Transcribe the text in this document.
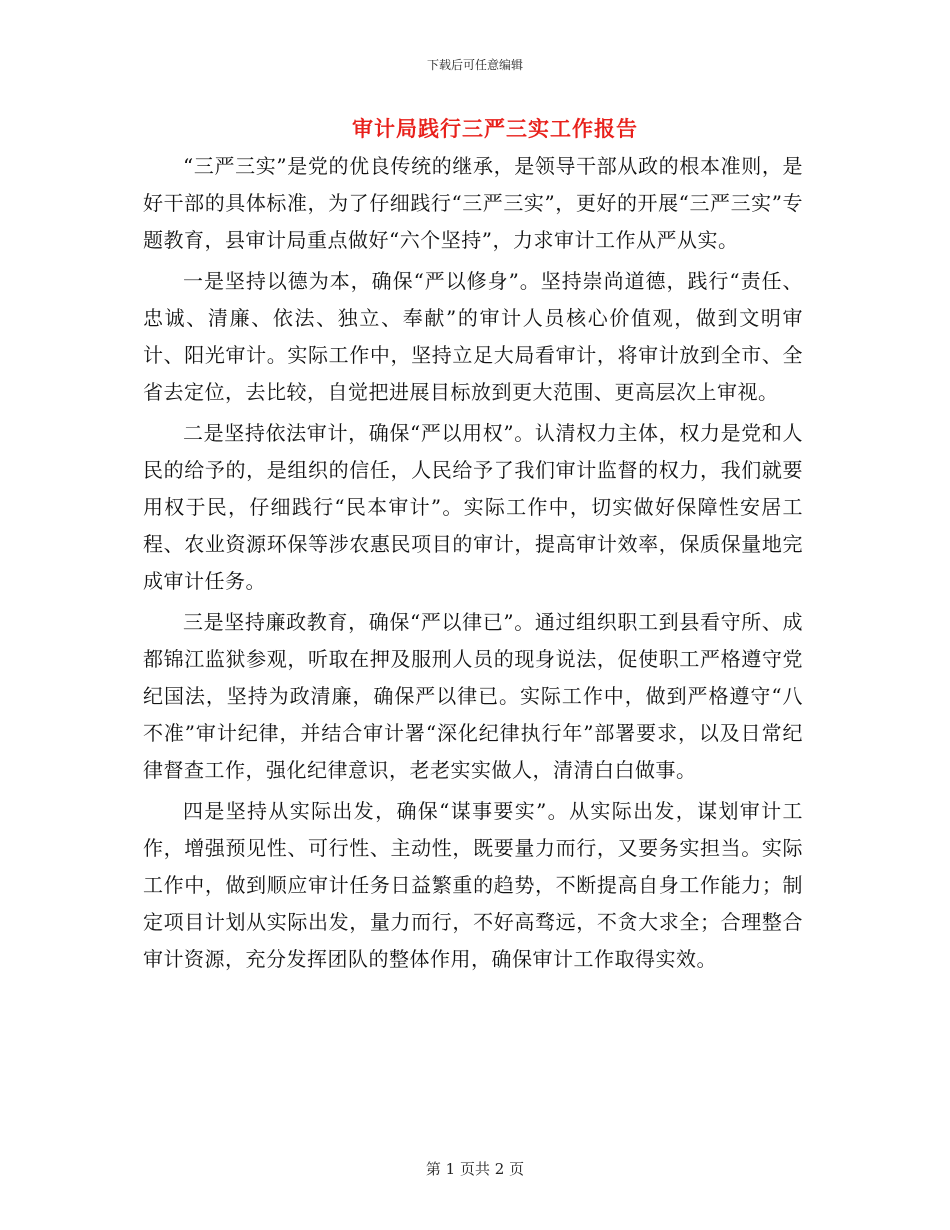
下载后可任意编辑
审计局践行三严三实工作报告

“三严三实”是党的优良传统的继承，是领导干部从政的根本准则，是好干部的具体标准，为了仔细践行“三严三实”，更好的开展“三严三实”专题教育，县审计局重点做好“六个坚持”，力求审计工作从严从实。

一是坚持以德为本，确保“严以修身”。坚持崇尚道德，践行“责任、忠诚、清廉、依法、独立、奉献”的审计人员核心价值观，做到文明审计、阳光审计。实际工作中，坚持立足大局看审计，将审计放到全市、全省去定位，去比较，自觉把进展目标放到更大范围、更高层次上审视。

二是坚持依法审计，确保“严以用权”。认清权力主体，权力是党和人民的给予的，是组织的信任，人民给予了我们审计监督的权力，我们就要用权于民，仔细践行“民本审计”。实际工作中，切实做好保障性安居工程、农业资源环保等涉农惠民项目的审计，提高审计效率，保质保量地完成审计任务。

三是坚持廉政教育，确保“严以律已”。通过组织职工到县看守所、成都锦江监狱参观，听取在押及服刑人员的现身说法，促使职工严格遵守党纪国法，坚持为政清廉，确保严以律已。实际工作中，做到严格遵守“八不准”审计纪律，并结合审计署“深化纪律执行年”部署要求，以及日常纪律督查工作，强化纪律意识，老老实实做人，清清白白做事。

四是坚持从实际出发，确保“谋事要实”。从实际出发，谋划审计工作，增强预见性、可行性、主动性，既要量力而行，又要务实担当。实际工作中，做到顺应审计任务日益繁重的趋势，不断提高自身工作能力；制定项目计划从实际出发，量力而行，不好高骛远，不贪大求全；合理整合审计资源，充分发挥团队的整体作用，确保审计工作取得实效。

第 1 页共 2 页
